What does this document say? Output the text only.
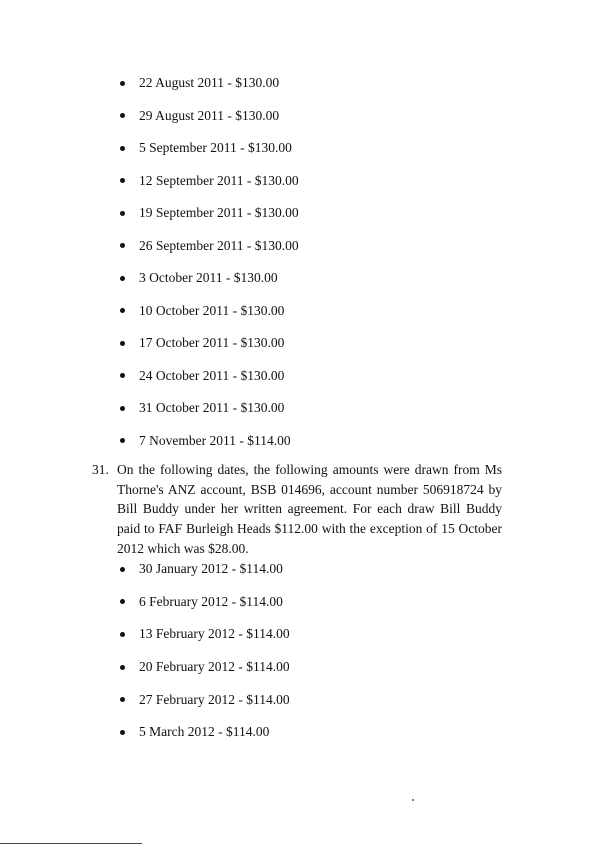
22 August 2011 - $130.00
29 August 2011 - $130.00
5 September 2011 - $130.00
12 September 2011 - $130.00
19 September 2011 - $130.00
26 September 2011 - $130.00
3 October 2011 - $130.00
10 October 2011 - $130.00
17 October 2011 - $130.00
24 October 2011 - $130.00
31 October 2011 - $130.00
7 November 2011 - $114.00
31. On the following dates, the following amounts were drawn from Ms Thorne's ANZ account, BSB 014696, account number 506918724 by Bill Buddy under her written agreement. For each draw Bill Buddy paid to FAF Burleigh Heads $112.00 with the exception of 15 October 2012 which was $28.00.
30 January 2012 - $114.00
6 February 2012 - $114.00
13 February 2012 - $114.00
20 February 2012 - $114.00
27 February 2012 - $114.00
5 March 2012 - $114.00
